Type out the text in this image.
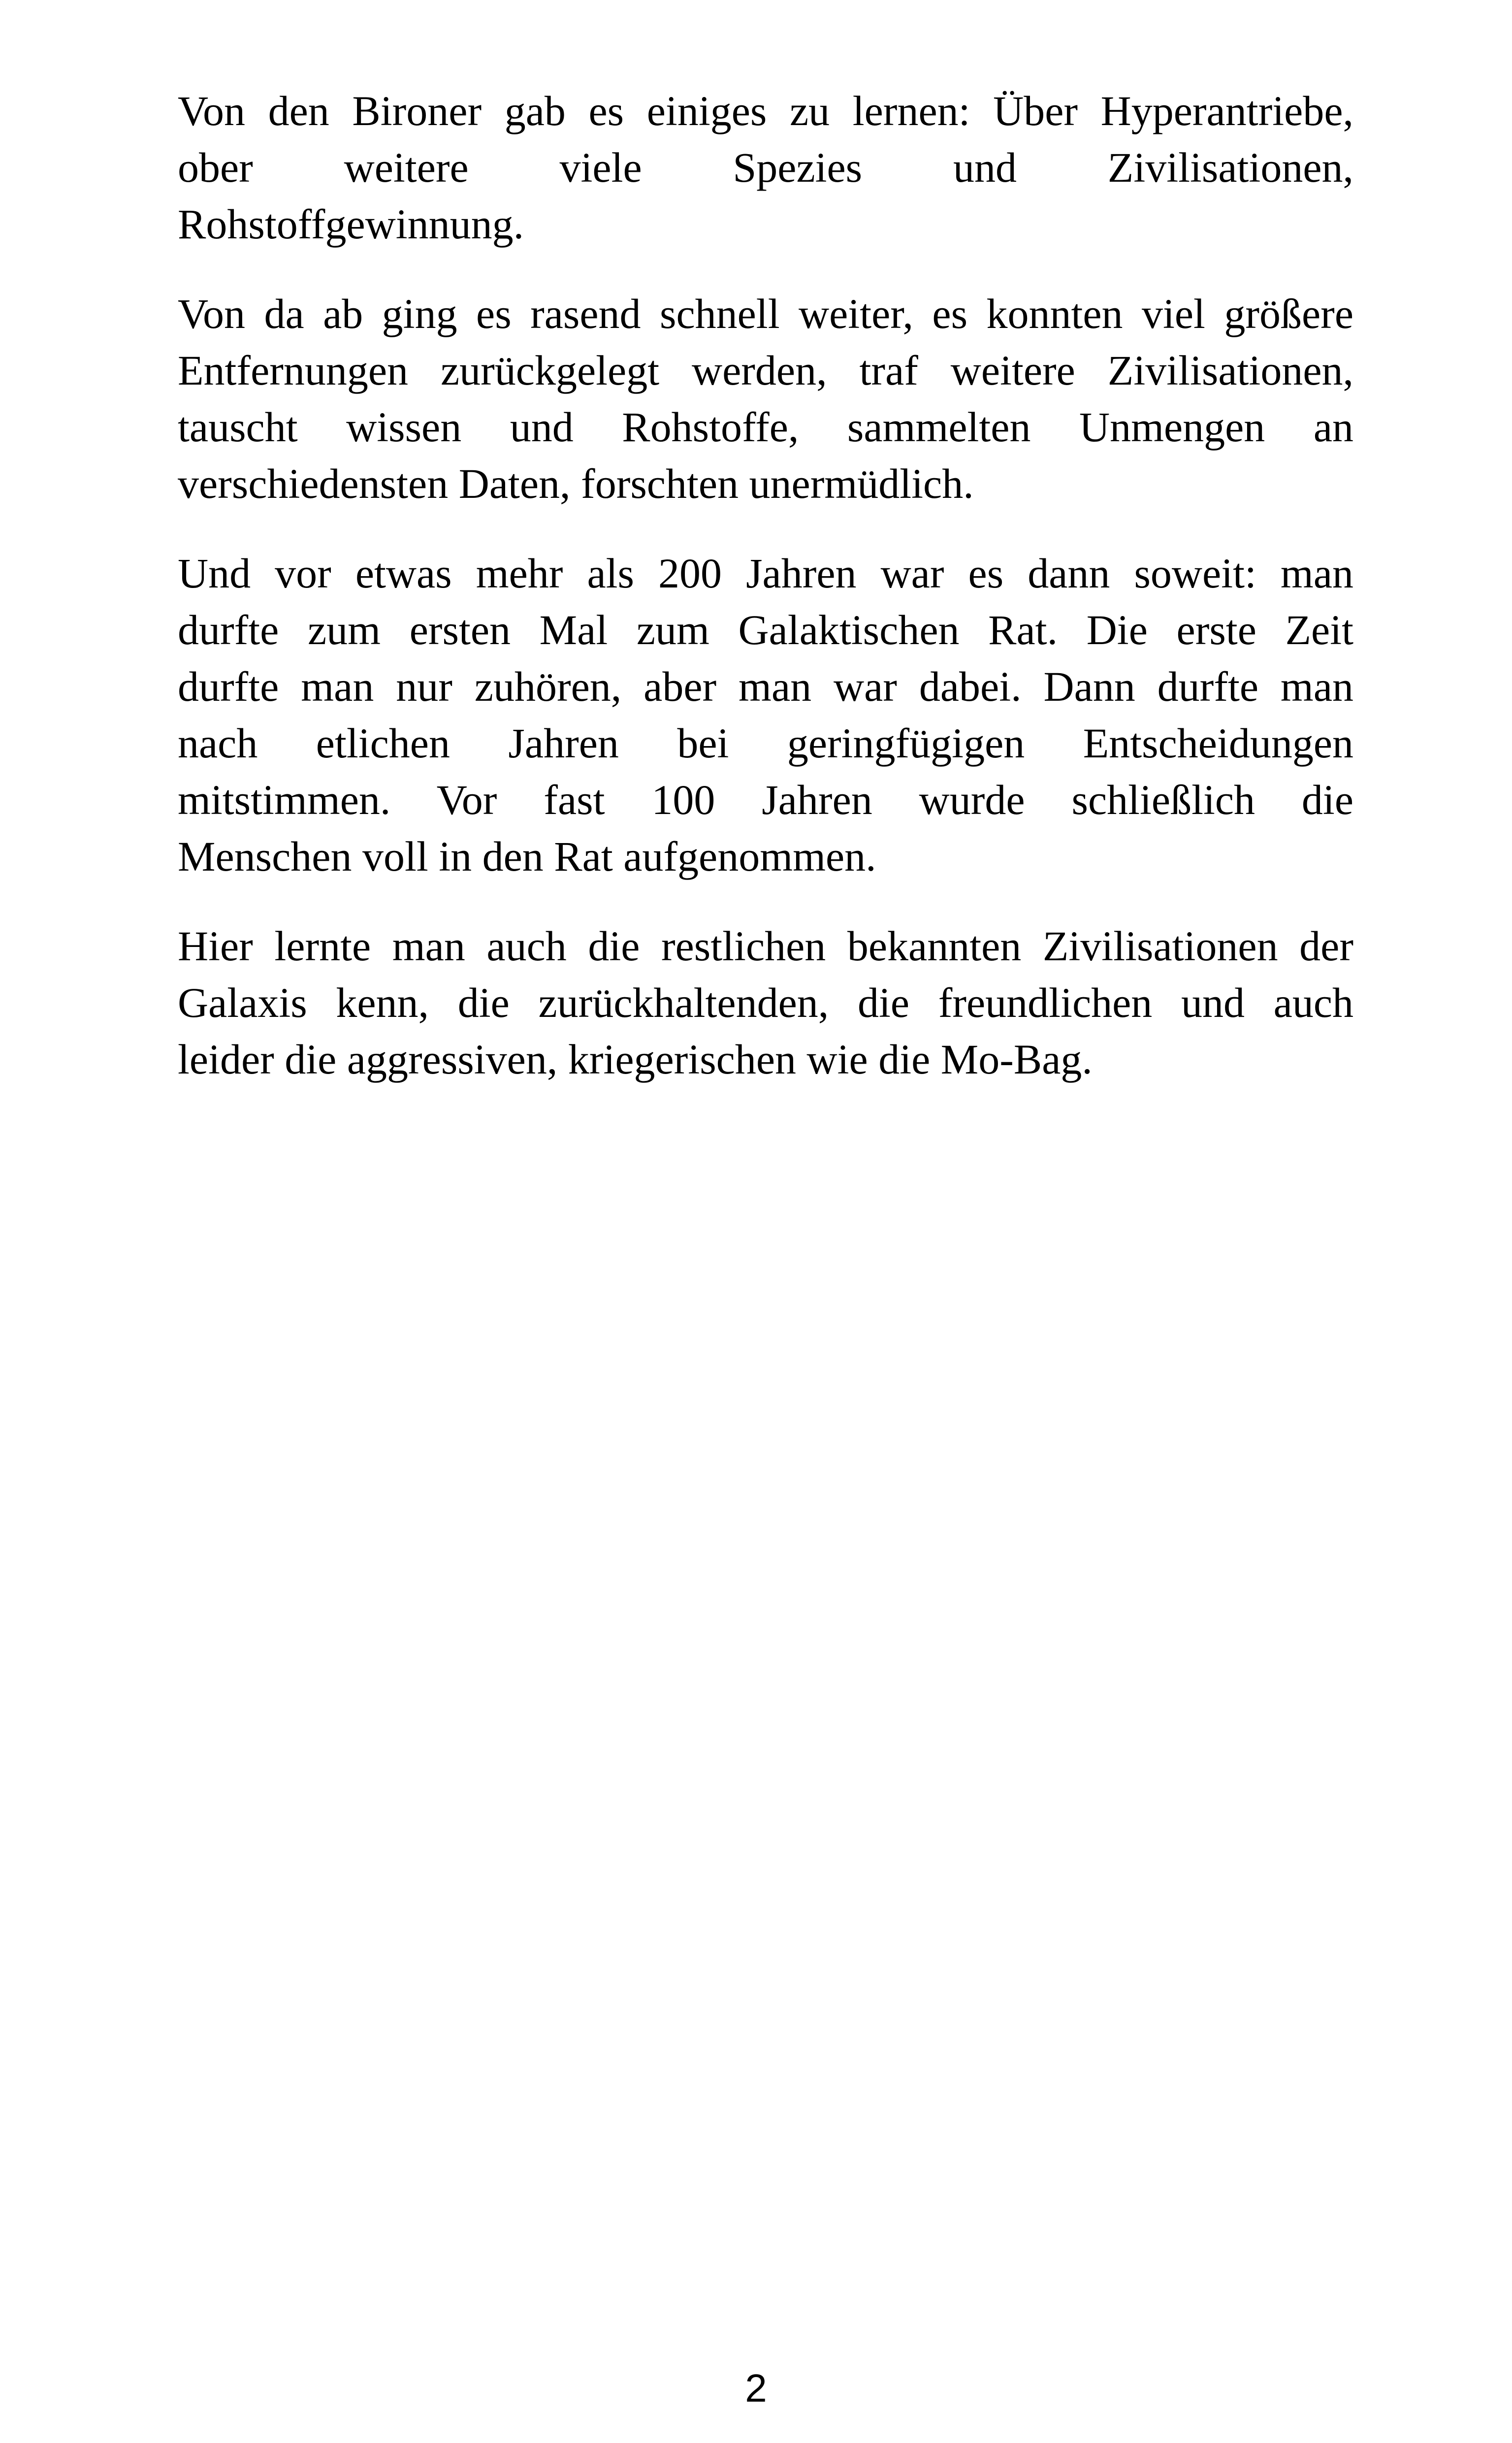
Von den Bironer gab es einiges zu lernen: Über Hyperantriebe,
ober weitere viele Spezies und Zivilisationen,
Rohstoffgewinnung.

Von da ab ging es rasend schnell weiter, es konnten viel größere
Entfernungen zurückgelegt werden, traf weitere Zivilisationen,
tauscht wissen und Rohstoffe, sammelten Unmengen an
verschiedensten Daten, forschten unermüdlich.

Und vor etwas mehr als 200 Jahren war es dann soweit: man
durfte zum ersten Mal zum Galaktischen Rat. Die erste Zeit
durfte man nur zuhören, aber man war dabei. Dann durfte man
nach etlichen Jahren bei geringfügigen Entscheidungen
mitstimmen. Vor fast 100 Jahren wurde schließlich die
Menschen voll in den Rat aufgenommen.

Hier lernte man auch die restlichen bekannten Zivilisationen der
Galaxis kenn, die zurückhaltenden, die freundlichen und auch
leider die aggressiven, kriegerischen wie die Mo-Bag.

2
